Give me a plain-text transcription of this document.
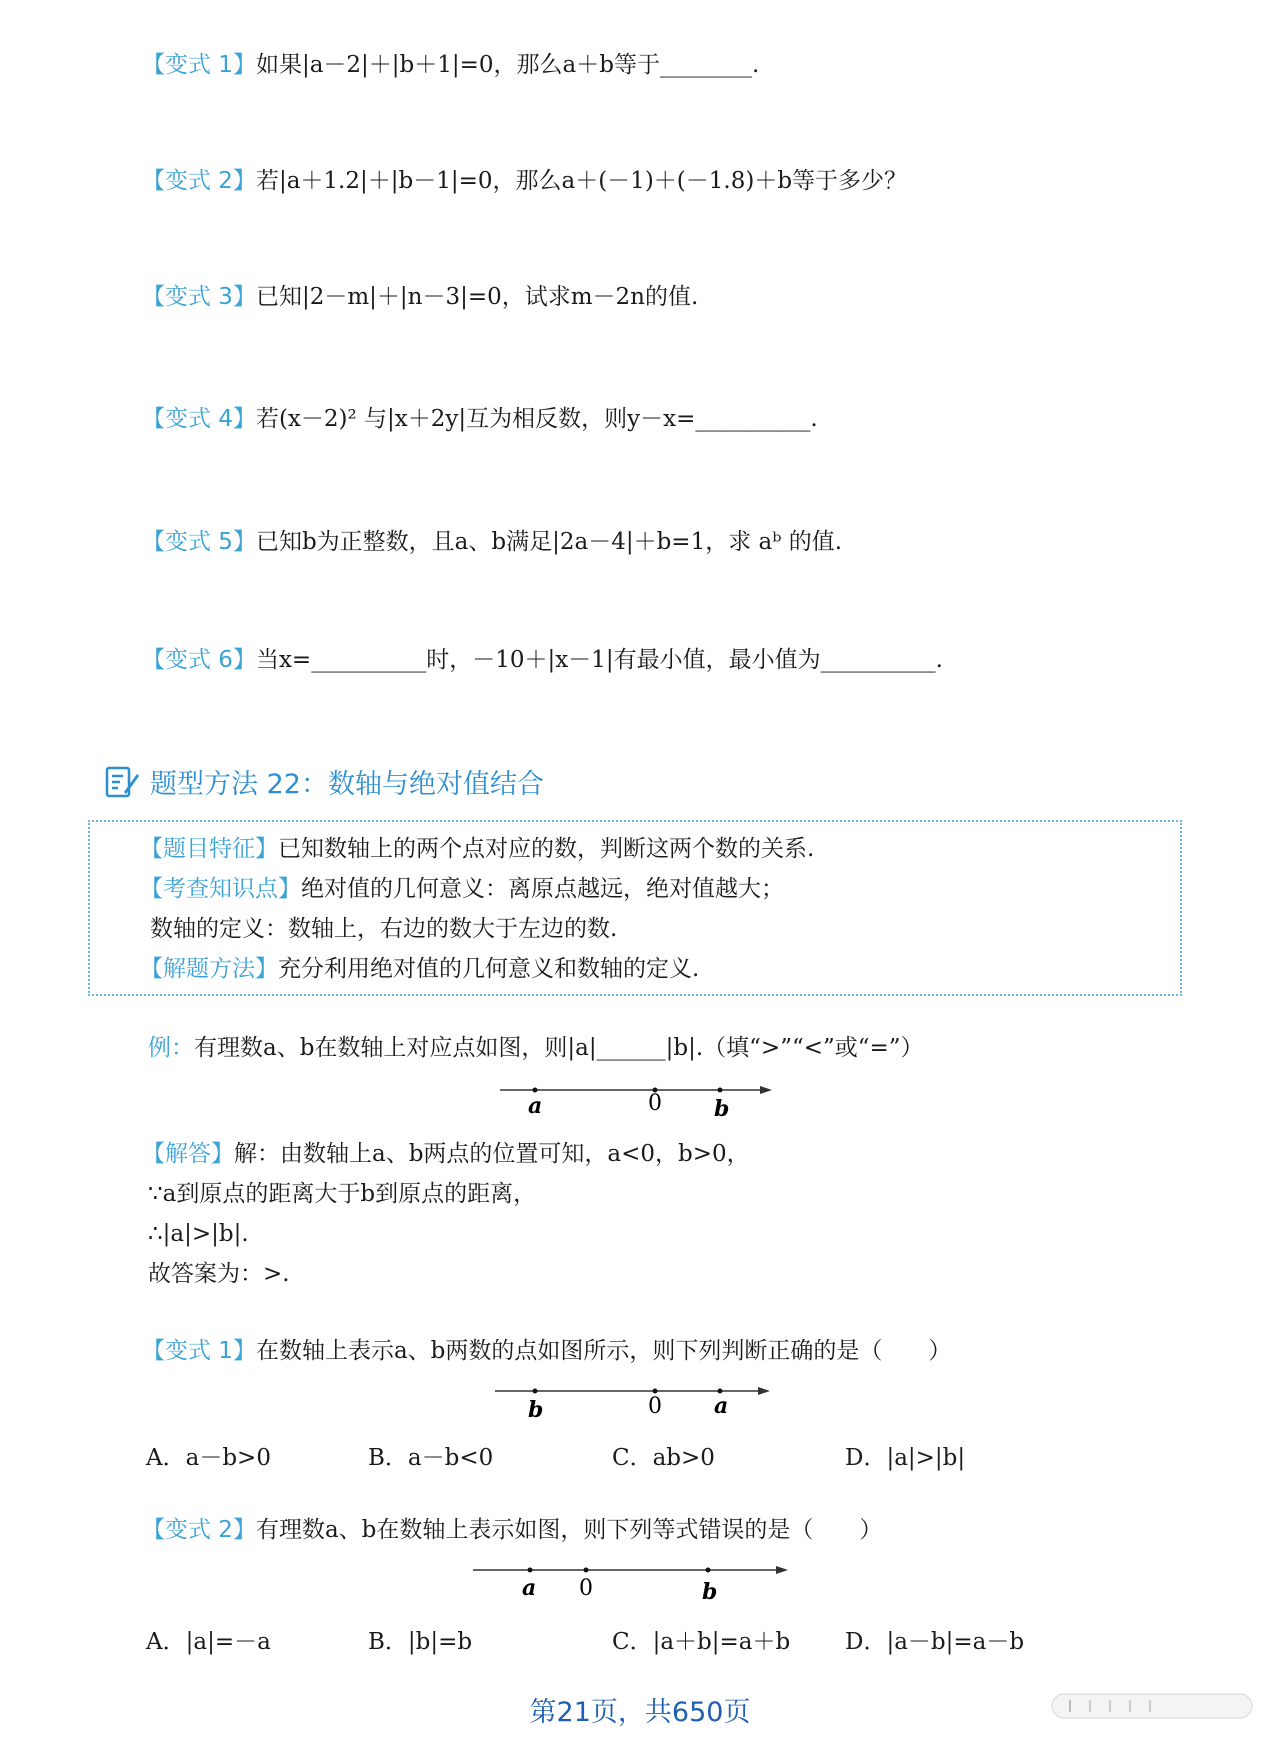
【变式 1】如果|a－2|＋|b＋1|=0，那么a＋b等于________.
【变式 2】若|a＋1.2|＋|b－1|=0，那么a＋(－1)＋(－1.8)＋b等于多少？
【变式 3】已知|2－m|＋|n－3|=0，试求m－2n的值.
【变式 4】若(x－2)² 与|x＋2y|互为相反数，则y－x=__________.
【变式 5】已知b为正整数，且a、b满足|2a－4|＋b=1，求 aᵇ 的值.
【变式 6】当x=__________时，－10＋|x－1|有最小值，最小值为__________.
题型方法 22：数轴与绝对值结合
【题目特征】已知数轴上的两个点对应的数，判断这两个数的关系.
【考查知识点】绝对值的几何意义：离原点越远，绝对值越大；
数轴的定义：数轴上，右边的数大于左边的数.
【解题方法】充分利用绝对值的几何意义和数轴的定义.
例：有理数a、b在数轴上对应点如图，则|a|______|b|.（填“>”“<”或“=”）
a	0 b
【解答】解：由数轴上a、b两点的位置可知，a<0，b>0，
∵a到原点的距离大于b到原点的距离，
∴|a|>|b|.
故答案为：>.
【变式 1】在数轴上表示a、b两数的点如图所示，则下列判断正确的是（　　）
b	0 a
A．a－b>0	B．a－b<0	C．ab>0	D．|a|>|b|
【变式 2】有理数a、b在数轴上表示如图，则下列等式错误的是（　　）
a 0	b
A．|a|=－a	B．|b|=b	C．|a＋b|=a＋b D．|a－b|=a－b
第21页，共650页
